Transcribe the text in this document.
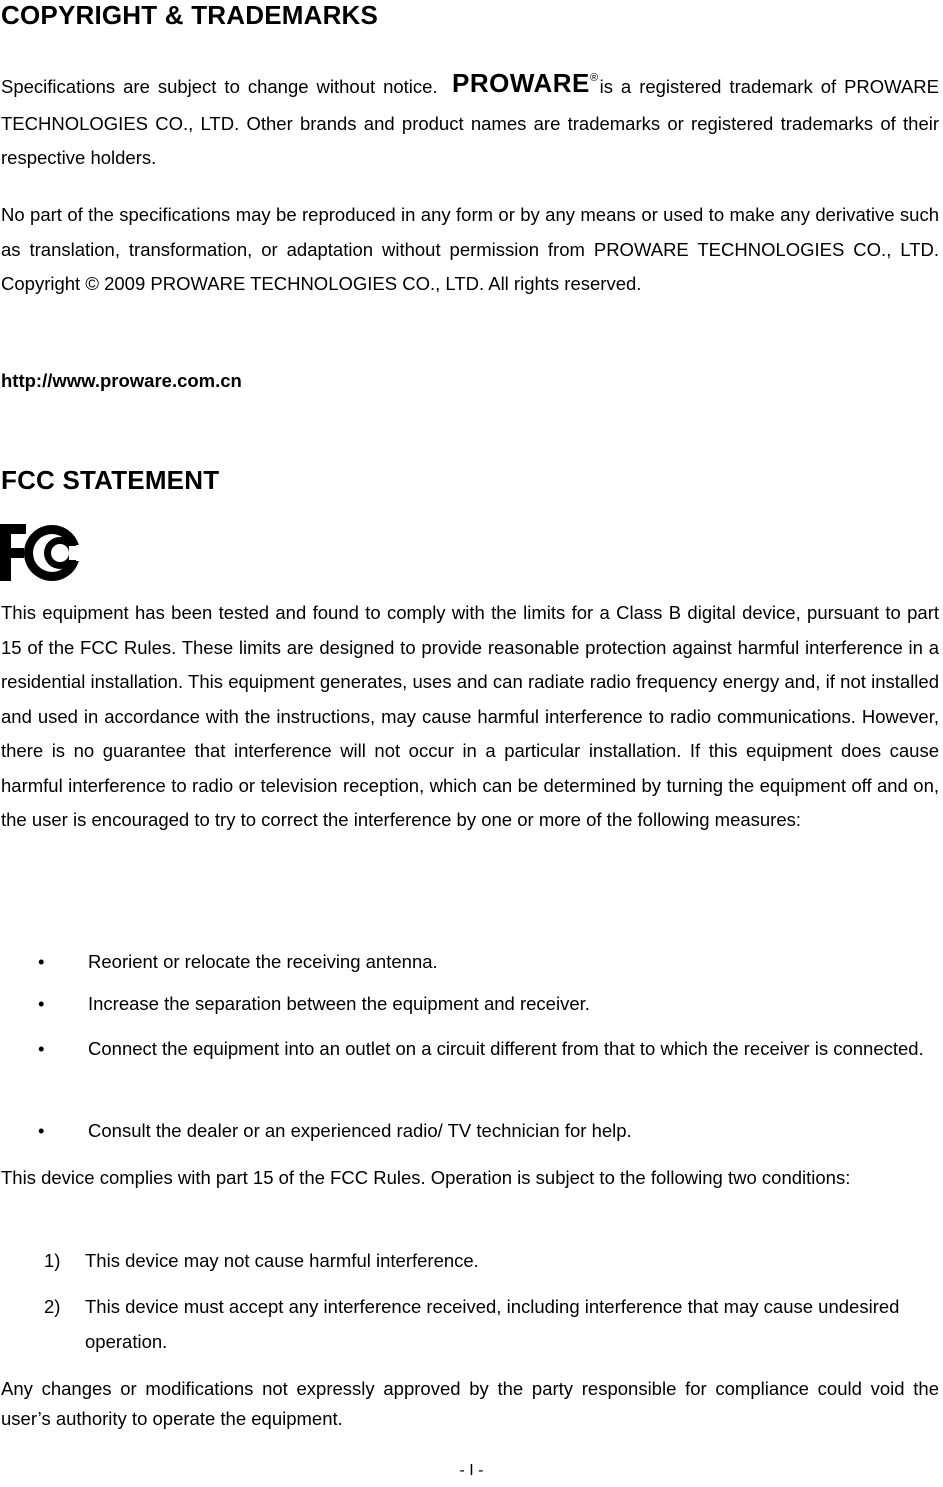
COPYRIGHT & TRADEMARKS

Specifications are subject to change without notice. PROWARE ® is a registered trademark of PROWARE TECHNOLOGIES CO., LTD. Other brands and product names are trademarks or registered trademarks of their respective holders.

No part of the specifications may be reproduced in any form or by any means or used to make any derivative such as translation, transformation, or adaptation without permission from PROWARE TECHNOLOGIES CO., LTD. Copyright © 2009 PROWARE TECHNOLOGIES CO., LTD. All rights reserved.

http://www.proware.com.cn

FCC STATEMENT

This equipment has been tested and found to comply with the limits for a Class B digital device, pursuant to part 15 of the FCC Rules. These limits are designed to provide reasonable protection against harmful interference in a residential installation. This equipment generates, uses and can radiate radio frequency energy and, if not installed and used in accordance with the instructions, may cause harmful interference to radio communications. However, there is no guarantee that interference will not occur in a particular installation. If this equipment does cause harmful interference to radio or television reception, which can be determined by turning the equipment off and on, the user is encouraged to try to correct the interference by one or more of the following measures:

• Reorient or relocate the receiving antenna.
• Increase the separation between the equipment and receiver.
• Connect the equipment into an outlet on a circuit different from that to which the receiver is connected.
• Consult the dealer or an experienced radio/ TV technician for help.

This device complies with part 15 of the FCC Rules. Operation is subject to the following two conditions:

1) This device may not cause harmful interference.
2) This device must accept any interference received, including interference that may cause undesired operation.

Any changes or modifications not expressly approved by the party responsible for compliance could void the user’s authority to operate the equipment.

- I -
